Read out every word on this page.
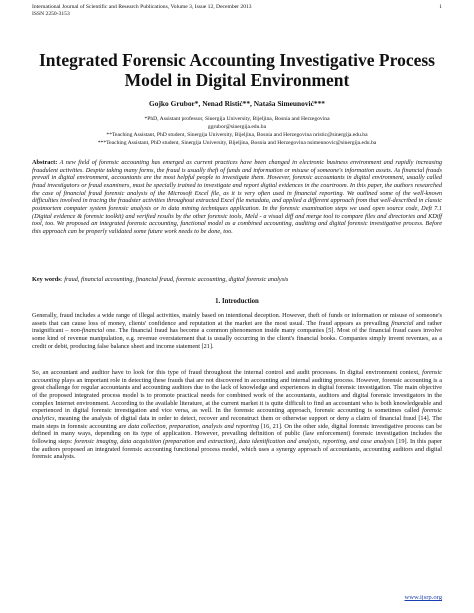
International Journal of Scientific and Research Publications, Volume 3, Issue 12, December 2013
ISSN 2250-3153
1
Integrated Forensic Accounting Investigative Process Model in Digital Environment
Gojko Grubor*, Nenad Ristić**, Nataša Simeunović***
*PhD, Assistant professor, Sinergija University, Bijeljina, Bosnia and Herzegovina
ggrubor@sinergija.edu.ba
**Teaching Assistant, PhD student, Sinergija University, Bijeljina, Bosnia and Herzegovina nristic@sinergija.edu.ba
***Teaching Assistant, PhD student, Sinergija University, Bijeljina, Bosnia and Herzegovina nsimeunovic@sinergija.edu.ba
Abstract: A new field of forensic accounting has emerged as current practices have been changed in electronic business environment and rapidly increasing fraudulent activities. Despite taking many forms, the fraud is usually theft of funds and information or misuse of someone's information assets. As financial frauds prevail in digital environment, accountants are the most helpful people to investigate them. However, forensic accountants in digital environment, usually called fraud investigators or fraud examiners, must be specially trained to investigate and report digital evidences in the courtroom. In this paper, the authors researched the case of financial fraud forensic analysis of the Microsoft Excel file, as it is very often used in financial reporting. We outlined some of the well-known difficulties involved in tracing the fraudster activities throughout extracted Excel file metadata, and applied a different approach from that well-described in classic postmortem computer system forensic analysis or in data mining techniques application. In the forensic examination steps we used open source code, Deft 7.1 (Digital evidence & forensic toolkit) and verified results by the other forensic tools, Meld - a visual diff and merge tool to compare files and directories and KDiff tool, too. We proposed an integrated forensic accounting, functional model as a combined accounting, auditing and digital forensic investigative process. Before this approach can be properly validated some future work needs to be done, too.
Key words: fraud, financial accounting, financial fraud, forensic accounting, digital forensic analysis
1. Introduction
Generally, fraud includes a wide range of illegal activities, mainly based on intentional deception. However, theft of funds or information or misuse of someone's assets that can cause loss of money, clients' confidence and reputation at the market are the most usual. The fraud appears as prevailing financial and rather insignificant – non-financial one. The financial fraud has become a common phenomenon inside many companies [5]. Most of the financial fraud cases involve some kind of revenue manipulation, e.g. revenue overstatement that is usually occurring in the client's financial books. Companies simply invent revenues, as a credit or debit, producing false balance sheet and income statement [21].
So, an accountant and auditor have to look for this type of fraud throughout the internal control and audit processes. In digital environment context, forensic accounting plays an important role in detecting these frauds that are not discovered in accounting and internal auditing process. However, forensic accounting is a great challenge for regular accountants and accounting auditors due to the lack of knowledge and experiences in digital forensic investigation. The main objective of the proposed integrated process model is to promote practical needs for combined work of the accountants, auditors and digital forensic investigators in the complex Internet environment. According to the available literature, at the current market it is quite difficult to find an accountant who is both knowledgeable and experienced in digital forensic investigation and vice versa, as well. In the forensic accounting approach, forensic accounting is sometimes called forensic analytics, meaning the analysis of digital data in order to detect, recover and reconstruct them or otherwise support or deny a claim of financial fraud [14]. The main steps in forensic accounting are data collection, preparation, analysis and reporting [16, 21]. On the other side, digital forensic investigative process can be defined in many ways, depending on its type of application. However, prevailing definition of public (law enforcement) forensic investigation includes the following steps: forensic imaging, data acquisition (preparation and extraction), data identification and analysis, reporting, and case analysis [19]. In this paper the authors proposed an integrated forensic accounting functional process model, which uses a synergy approach of accountants, accounting auditors and digital forensic analysts.
www.ijsrp.org
